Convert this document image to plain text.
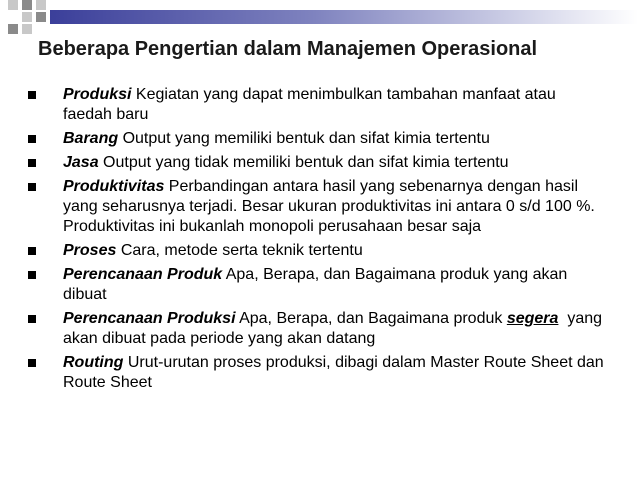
Beberapa Pengertian dalam Manajemen Operasional
Produksi Kegiatan yang dapat menimbulkan tambahan manfaat atau faedah baru
Barang Output yang memiliki bentuk dan sifat kimia tertentu
Jasa Output yang tidak memiliki bentuk dan sifat kimia tertentu
Produktivitas Perbandingan antara hasil yang sebenarnya dengan hasil yang seharusnya terjadi. Besar ukuran produktivitas ini antara 0 s/d 100 %. Produktivitas ini bukanlah monopoli perusahaan besar saja
Proses Cara, metode serta teknik tertentu
Perencanaan Produk Apa, Berapa, dan Bagaimana produk yang akan dibuat
Perencanaan Produksi Apa, Berapa, dan Bagaimana produk segera  yang akan dibuat pada periode yang akan datang
Routing Urut-urutan proses produksi, dibagi dalam Master Route Sheet dan Route Sheet
